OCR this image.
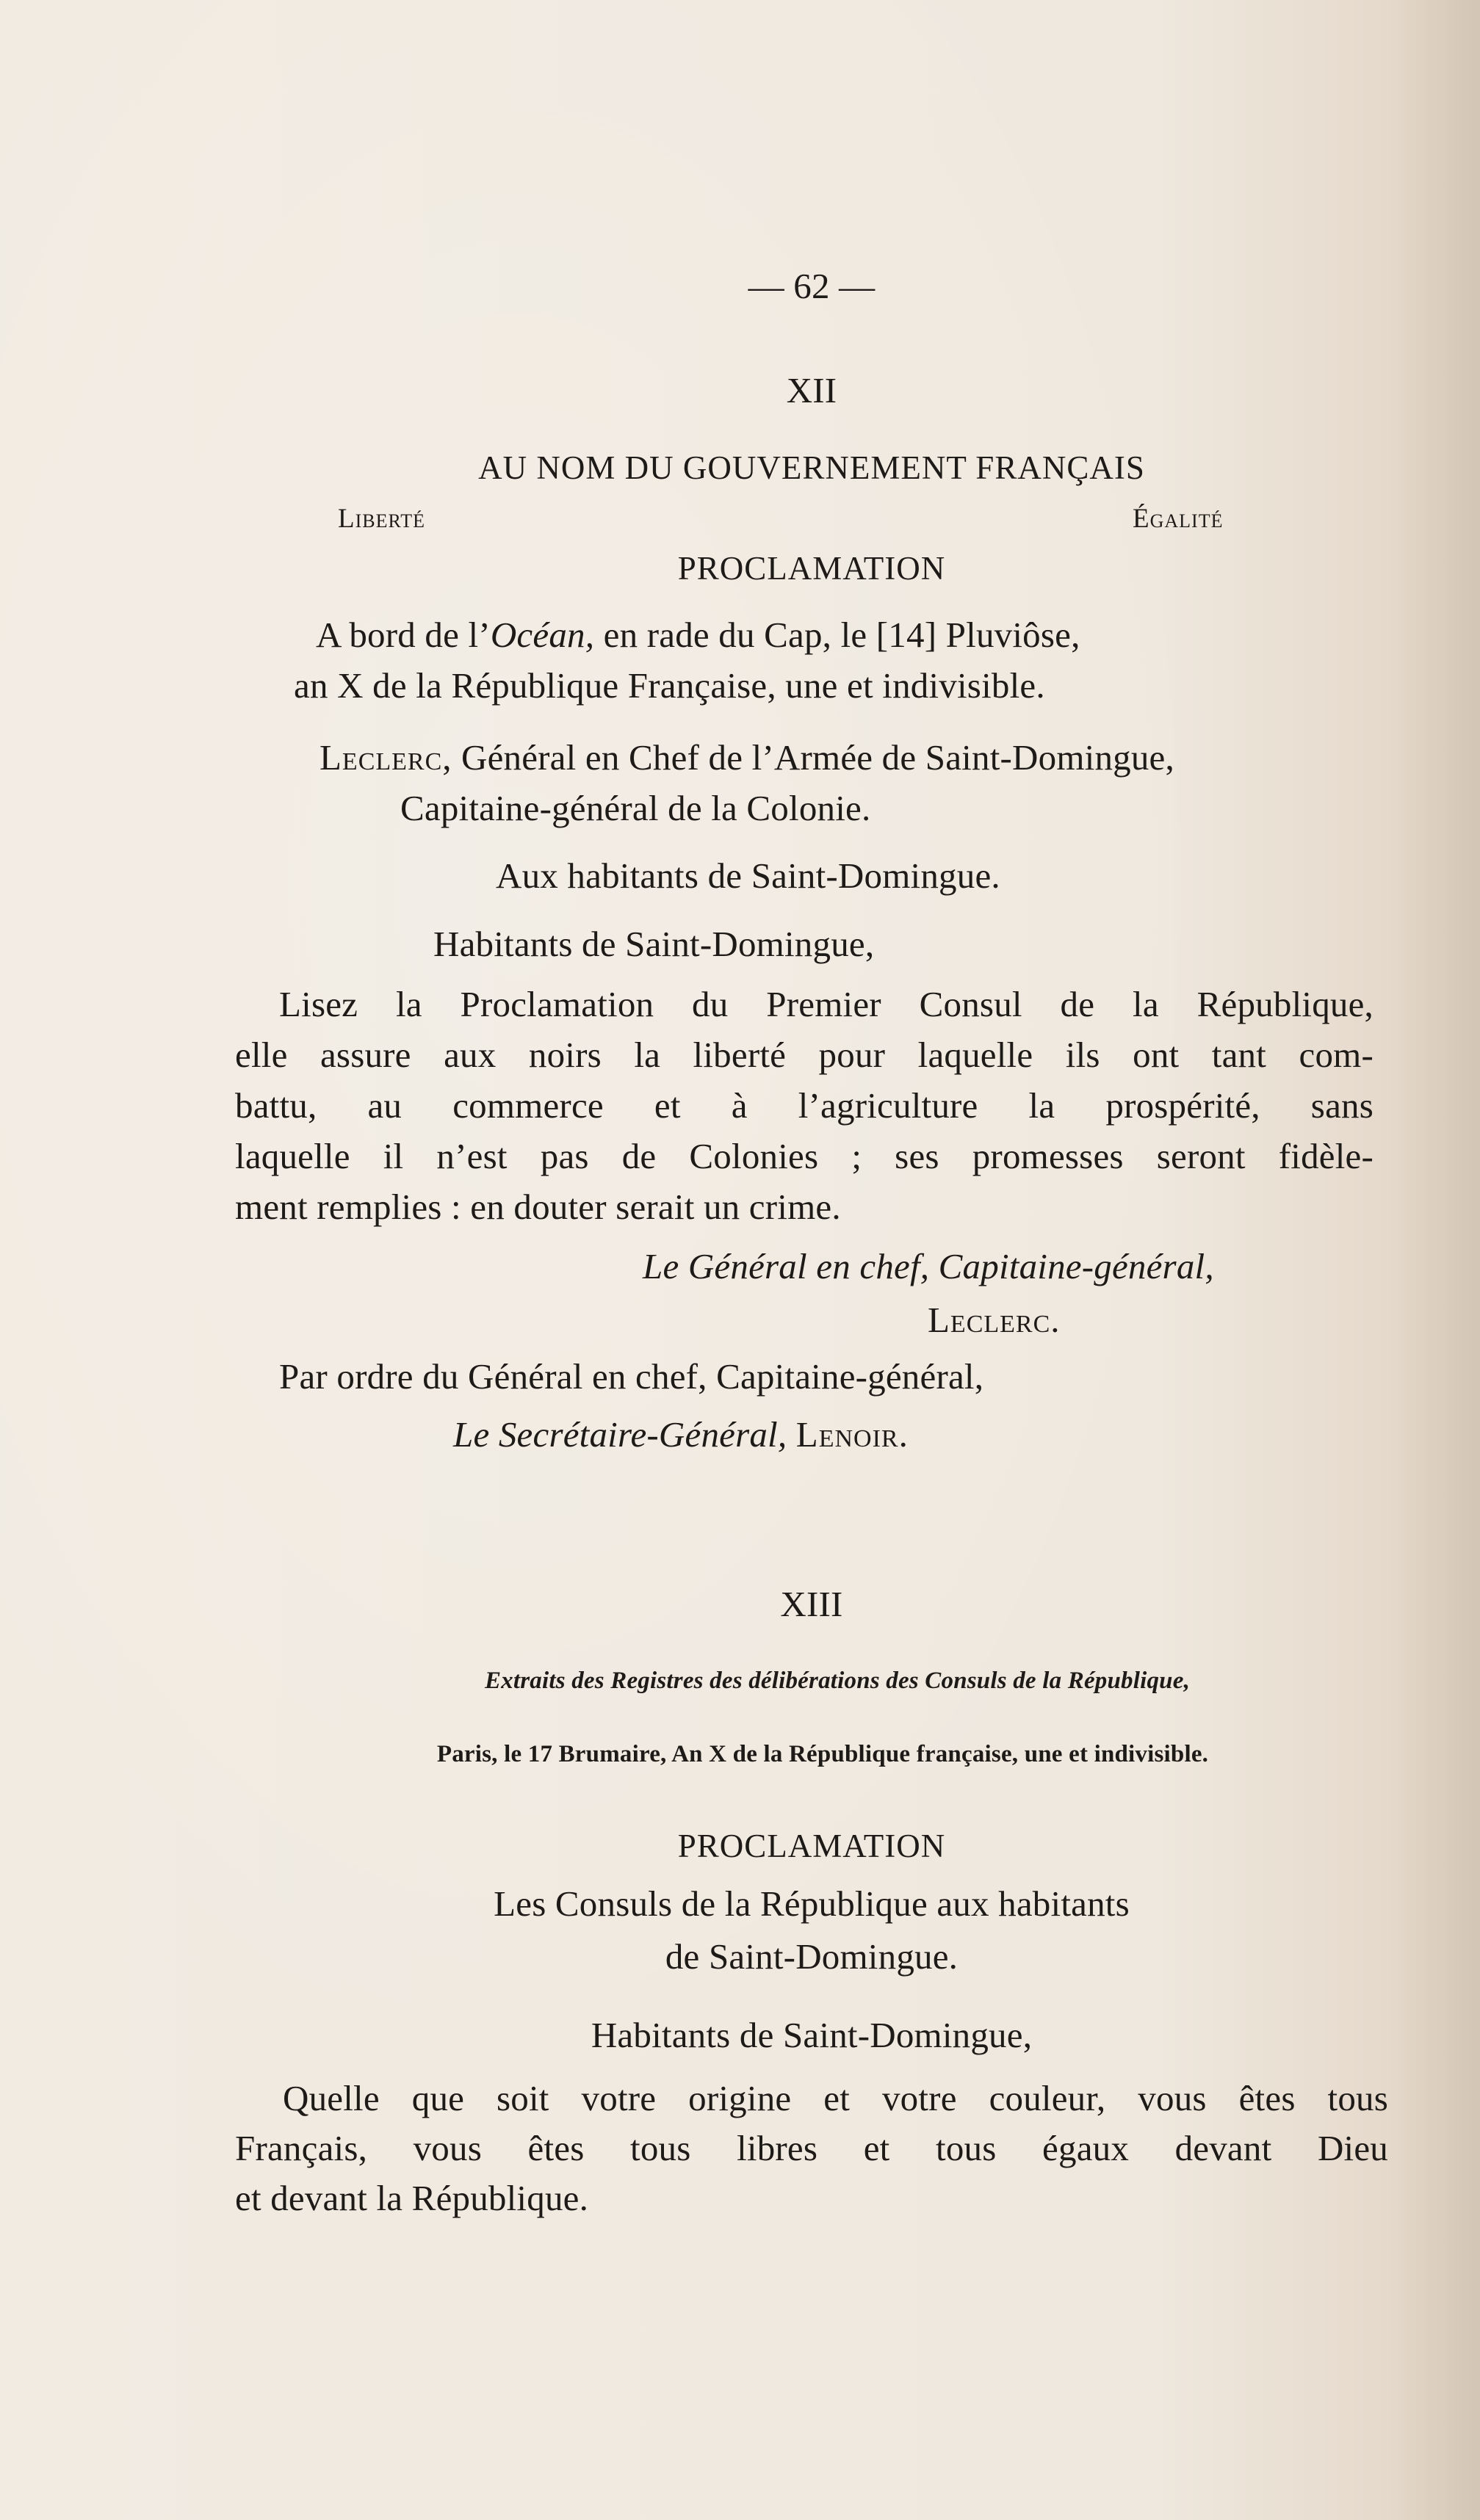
— 62 —
XII
AU NOM DU GOUVERNEMENT FRANÇAIS
Liberté	Égalité
PROCLAMATION
A bord de l’Océan, en rade du Cap, le [14] Pluviôse,
an X de la République Française, une et indivisible.
Leclerc, Général en Chef de l’Armée de Saint-Domingue,
Capitaine-général de la Colonie.
Aux habitants de Saint-Domingue.
Habitants de Saint-Domingue,
Lisez la Proclamation du Premier Consul de la République,
elle assure aux noirs la liberté pour laquelle ils ont tant com-
battu, au commerce et à l’agriculture la prospérité, sans
laquelle il n’est pas de Colonies ; ses promesses seront fidèle-
ment remplies : en douter serait un crime.
Le Général en chef, Capitaine-général,
Leclerc.
Par ordre du Général en chef, Capitaine-général,
Le Secrétaire-Général, Lenoir.
XIII
Extraits des Registres des délibérations des Consuls de la République,
Paris, le 17 Brumaire, An X de la République française, une et indivisible.
PROCLAMATION
Les Consuls de la République aux habitants
de Saint-Domingue.
Habitants de Saint-Domingue,
Quelle que soit votre origine et votre couleur, vous êtes tous
Français, vous êtes tous libres et tous égaux devant Dieu
et devant la République.
